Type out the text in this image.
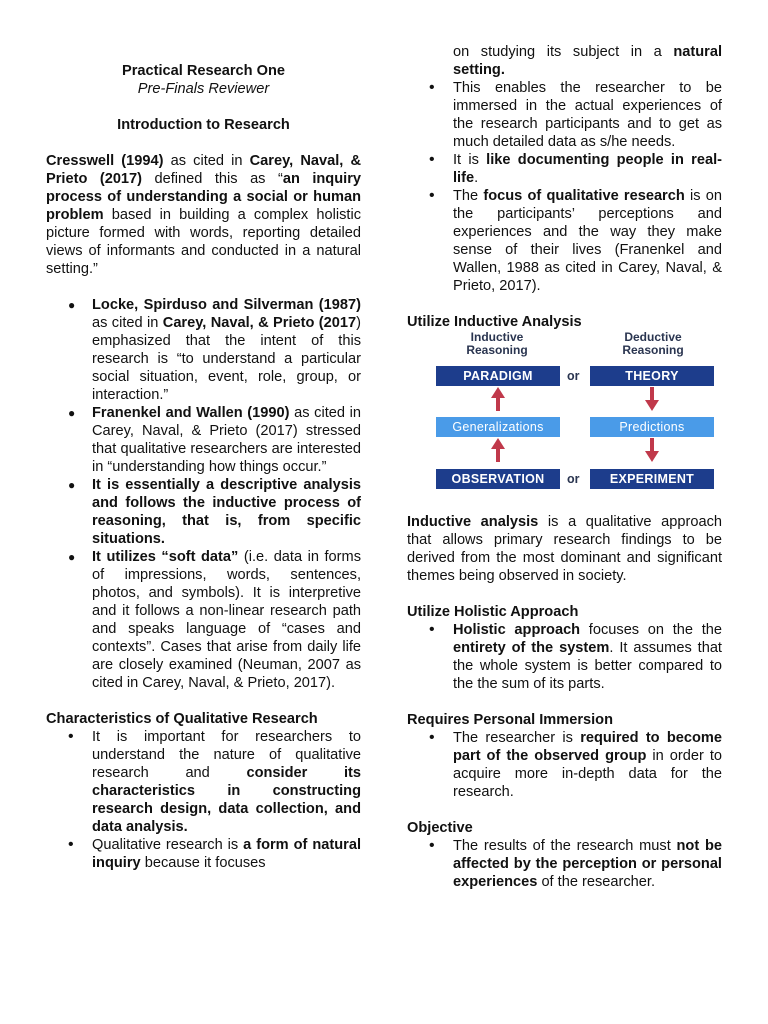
Practical Research One

Pre-Finals Reviewer

Introduction to Research

Cresswell (1994) as cited in Carey, Naval, & Prieto (2017) defined this as “an inquiry process of understanding a social or human problem based in building a complex holistic picture formed with words, reporting detailed views of informants and conducted in a natural setting.”

● Locke, Spirduso and Silverman (1987) as cited in Carey, Naval, & Prieto (2017) emphasized that the intent of this research is “to understand a particular social situation, event, role, group, or interaction.”
● Franenkel and Wallen (1990) as cited in Carey, Naval, & Prieto (2017) stressed that qualitative researchers are interested in “understanding how things occur.”
● It is essentially a descriptive analysis and follows the inductive process of reasoning, that is, from specific situations.
● It utilizes “soft data” (i.e. data in forms of impressions, words, sentences, photos, and symbols). It is interpretive and it follows a non-linear research path and speaks language of “cases and contexts”. Cases that arise from daily life are closely examined (Neuman, 2007 as cited in Carey, Naval, & Prieto, 2017).

Characteristics of Qualitative Research

• It is important for researchers to understand the nature of qualitative research and consider its characteristics in constructing research design, data collection, and data analysis.
• Qualitative research is a form of natural inquiry because it focuses
on studying its subject in a natural setting.
• This enables the researcher to be immersed in the actual experiences of the research participants and to get as much detailed data as s/he needs.
• It is like documenting people in real-life.
• The focus of qualitative research is on the participants’ perceptions and experiences and the way they make sense of their lives (Franenkel and Wallen, 1988 as cited in Carey, Naval, & Prieto, 2017).

Utilize Inductive Analysis

Inductive
Reasoning
Deductive
Reasoning
PARADIGM	or	THEORY
Generalizations	Predictions
OBSERVATION	or	EXPERIMENT

Inductive analysis is a qualitative approach that allows primary research findings to be derived from the most dominant and significant themes being observed in society.

Utilize Holistic Approach

• Holistic approach focuses on the the entirety of the system. It assumes that the whole system is better compared to the the sum of its parts.

Requires Personal Immersion

• The researcher is required to become part of the observed group in order to acquire more in-depth data for the research.

Objective

• The results of the research must not be affected by the perception or personal experiences of the researcher.
